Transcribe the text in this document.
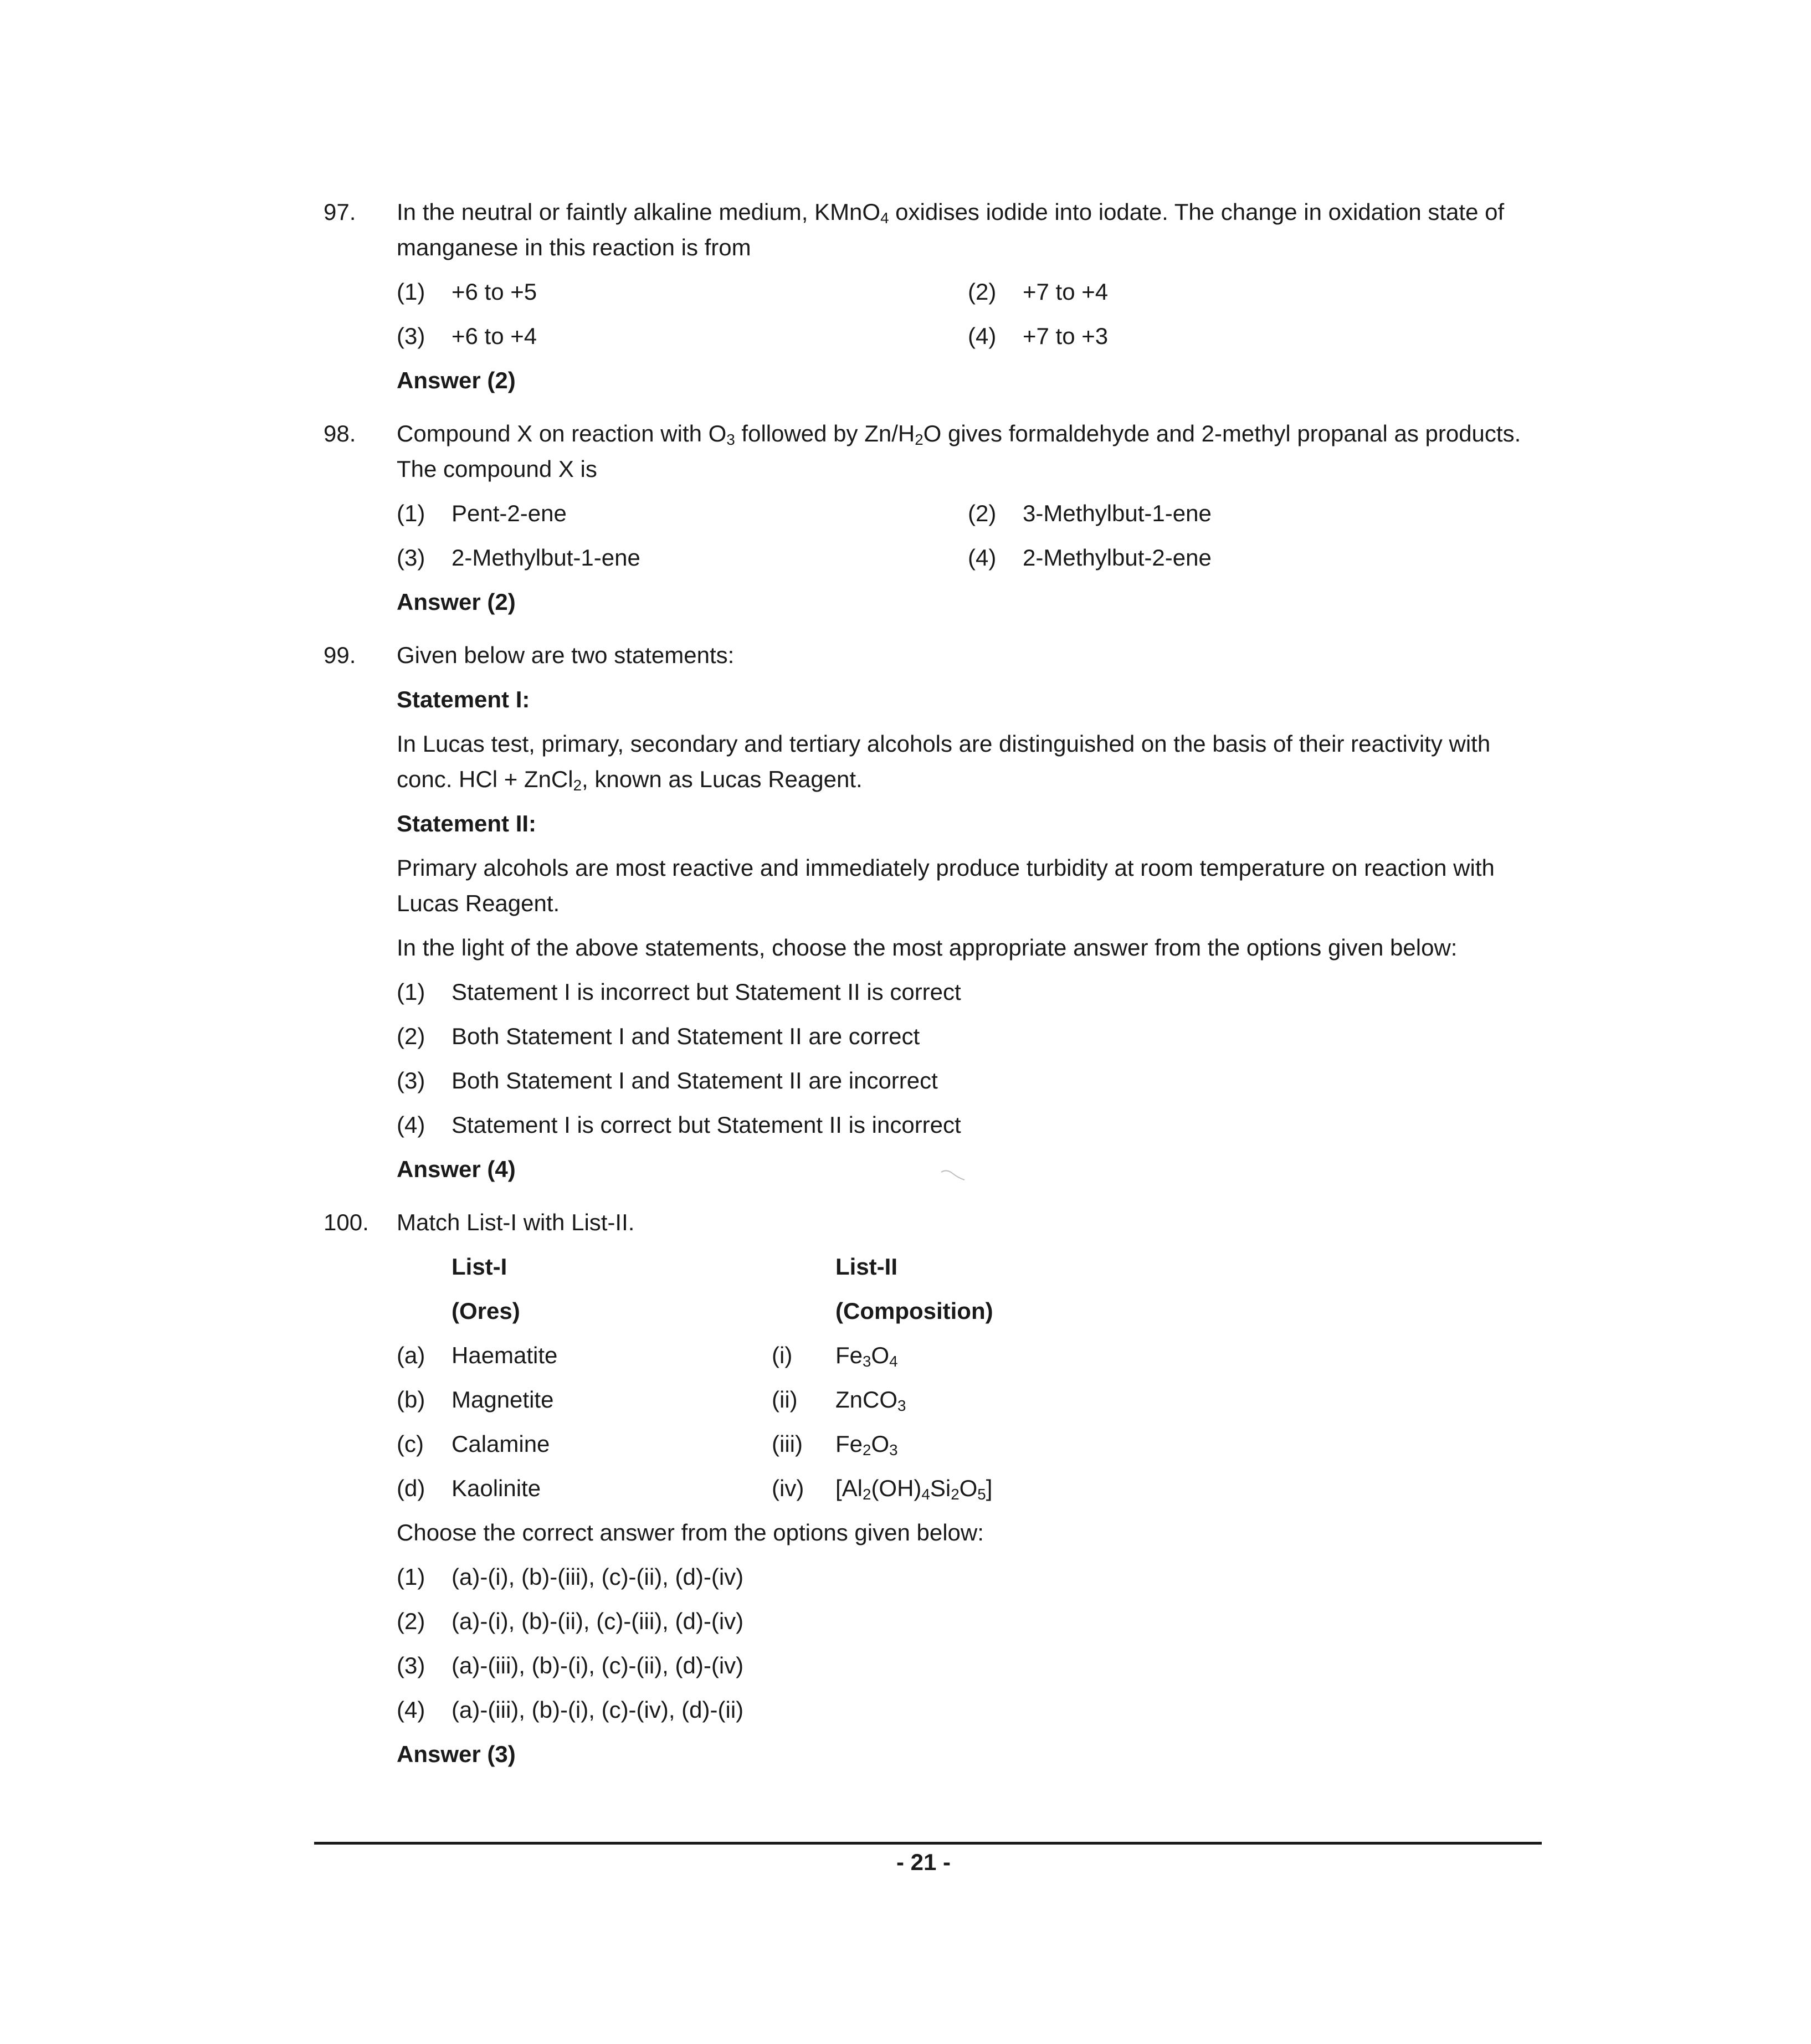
97. In the neutral or faintly alkaline medium, KMnO$_4$ oxidises iodide into iodate. The change in oxidation state of
manganese in this reaction is from
(1) +6 to +5	(2) +7 to +4
(3) +6 to +4	(4) +7 to +3
Answer (2)
98. Compound X on reaction with $O_3$ followed by $Zn/H_2O$ gives formaldehyde and 2-methyl propanal as products.
The compound X is
(1) Pent-2-ene	(2) 3-Methylbut-1-ene
(3) 2-Methylbut-1-ene	(4) 2-Methylbut-2-ene
Answer (2)
99. Given below are two statements:
Statement I:
In Lucas test, primary, secondary and tertiary alcohols are distinguished on the basis of their reactivity with
conc. HCl + ZnCl$_2$, known as Lucas Reagent.
Statement II:
Primary alcohols are most reactive and immediately produce turbidity at room temperature on reaction with
Lucas Reagent.
In the light of the above statements, choose the most appropriate answer from the options given below:
(1) Statement I is incorrect but Statement II is correct
(2) Both Statement I and Statement II are correct
(3) Both Statement I and Statement II are incorrect
(4) Statement I is correct but Statement II is incorrect
Answer (4)
100. Match List-I with List-II.
List-I	List-II
(Ores)	(Composition)
(a) Haematite	(i) $Fe_3O_4$
(b) Magnetite	(ii) ZnCO$_3$
(c) Calamine	(iii) $Fe_2O_3$
(d) Kaolinite	(iv) $[Al_2(OH)_4Si_2O_5]$
Choose the correct answer from the options given below:
(1) (a)-(i), (b)-(iii), (c)-(ii), (d)-(iv)
(2) (a)-(i), (b)-(ii), (c)-(iii), (d)-(iv)
(3) (a)-(iii), (b)-(i), (c)-(ii), (d)-(iv)
(4) (a)-(iii), (b)-(i), (c)-(iv), (d)-(ii)
Answer (3)
- 21 -
